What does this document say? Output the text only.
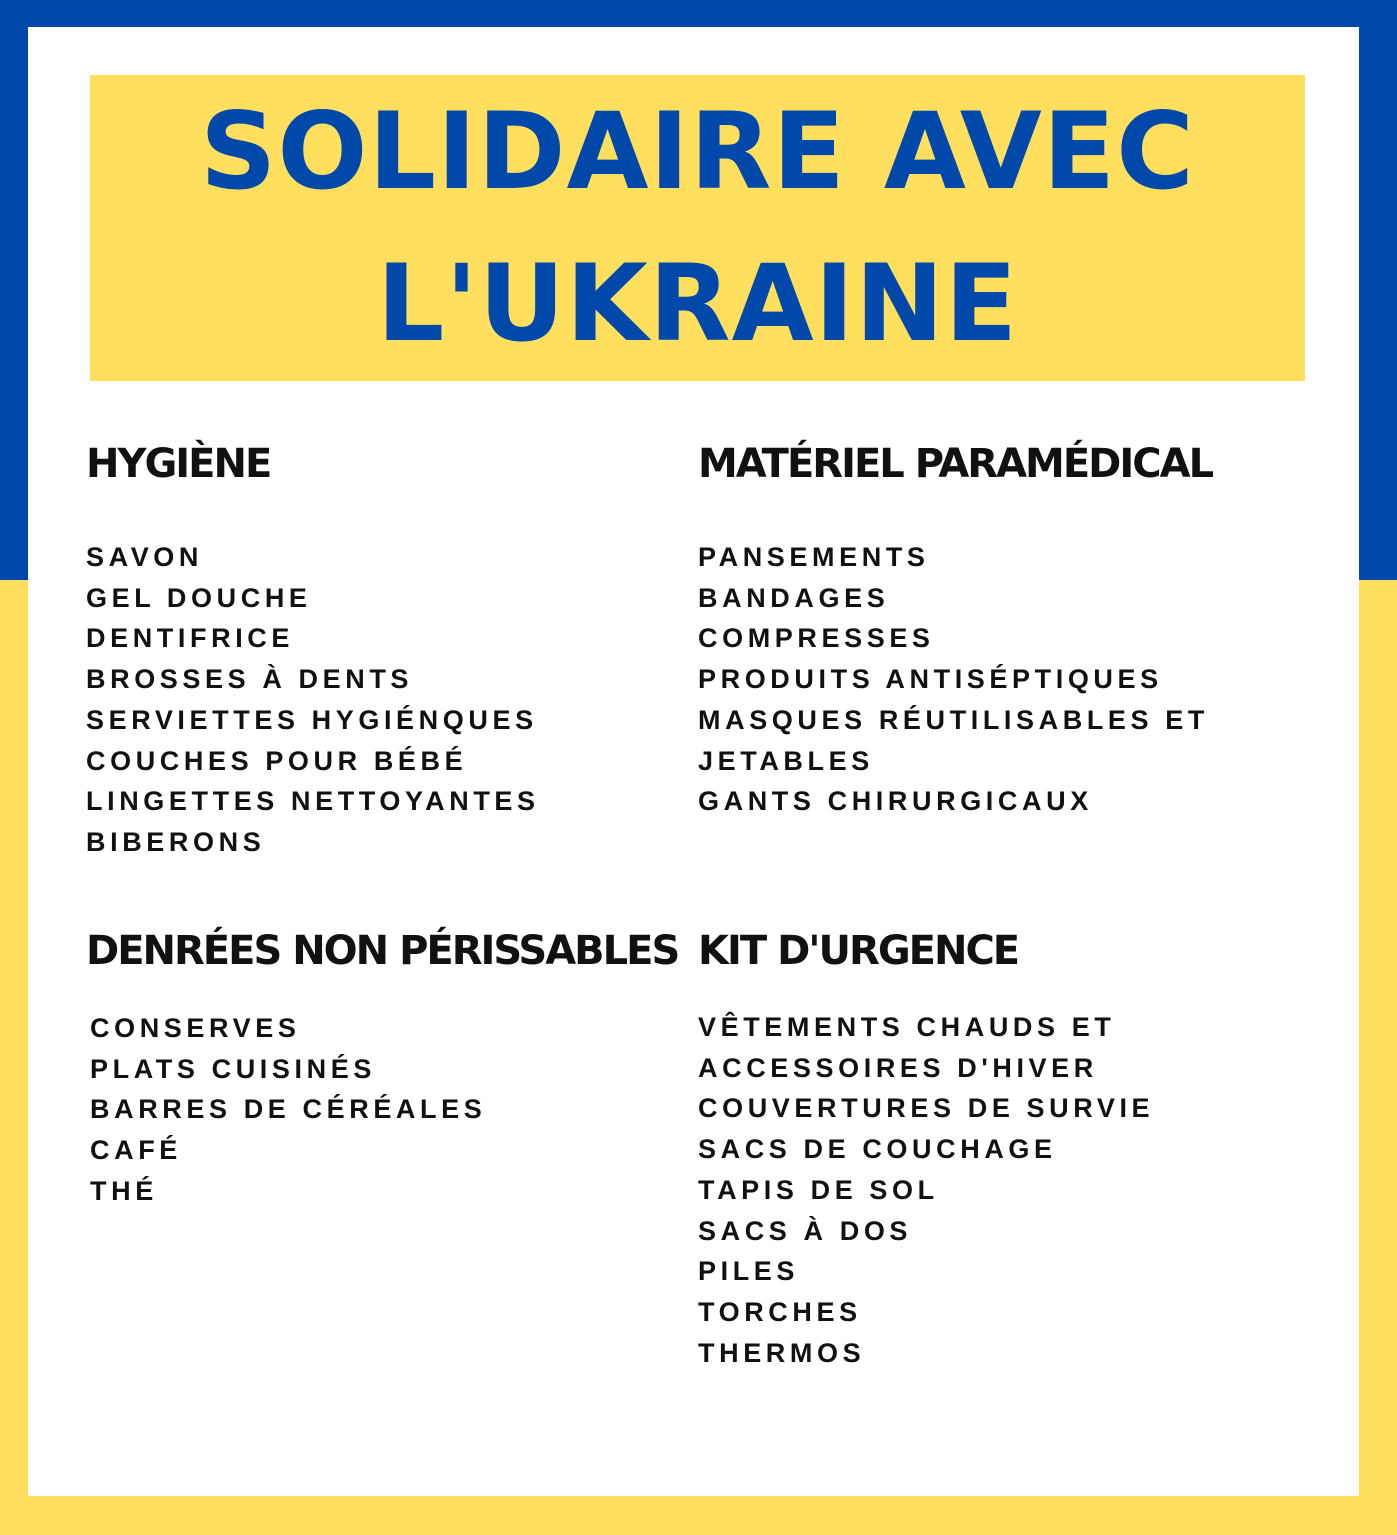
SOLIDAIRE AVEC
L'UKRAINE
HYGIÈNE
SAVON
GEL DOUCHE
DENTIFRICE
BROSSES À DENTS
SERVIETTES HYGIÉNQUES
COUCHES POUR BÉBÉ
LINGETTES NETTOYANTES
BIBERONS
MATÉRIEL PARAMÉDICAL
PANSEMENTS
BANDAGES
COMPRESSES
PRODUITS ANTISÉPTIQUES
MASQUES RÉUTILISABLES ET
JETABLES
GANTS CHIRURGICAUX
DENRÉES NON PÉRISSABLES
CONSERVES
PLATS CUISINÉS
BARRES DE CÉRÉALES
CAFÉ
THÉ
KIT D'URGENCE
VÊTEMENTS CHAUDS ET
ACCESSOIRES D'HIVER
COUVERTURES DE SURVIE
SACS DE COUCHAGE
TAPIS DE SOL
SACS À DOS
PILES
TORCHES
THERMOS
